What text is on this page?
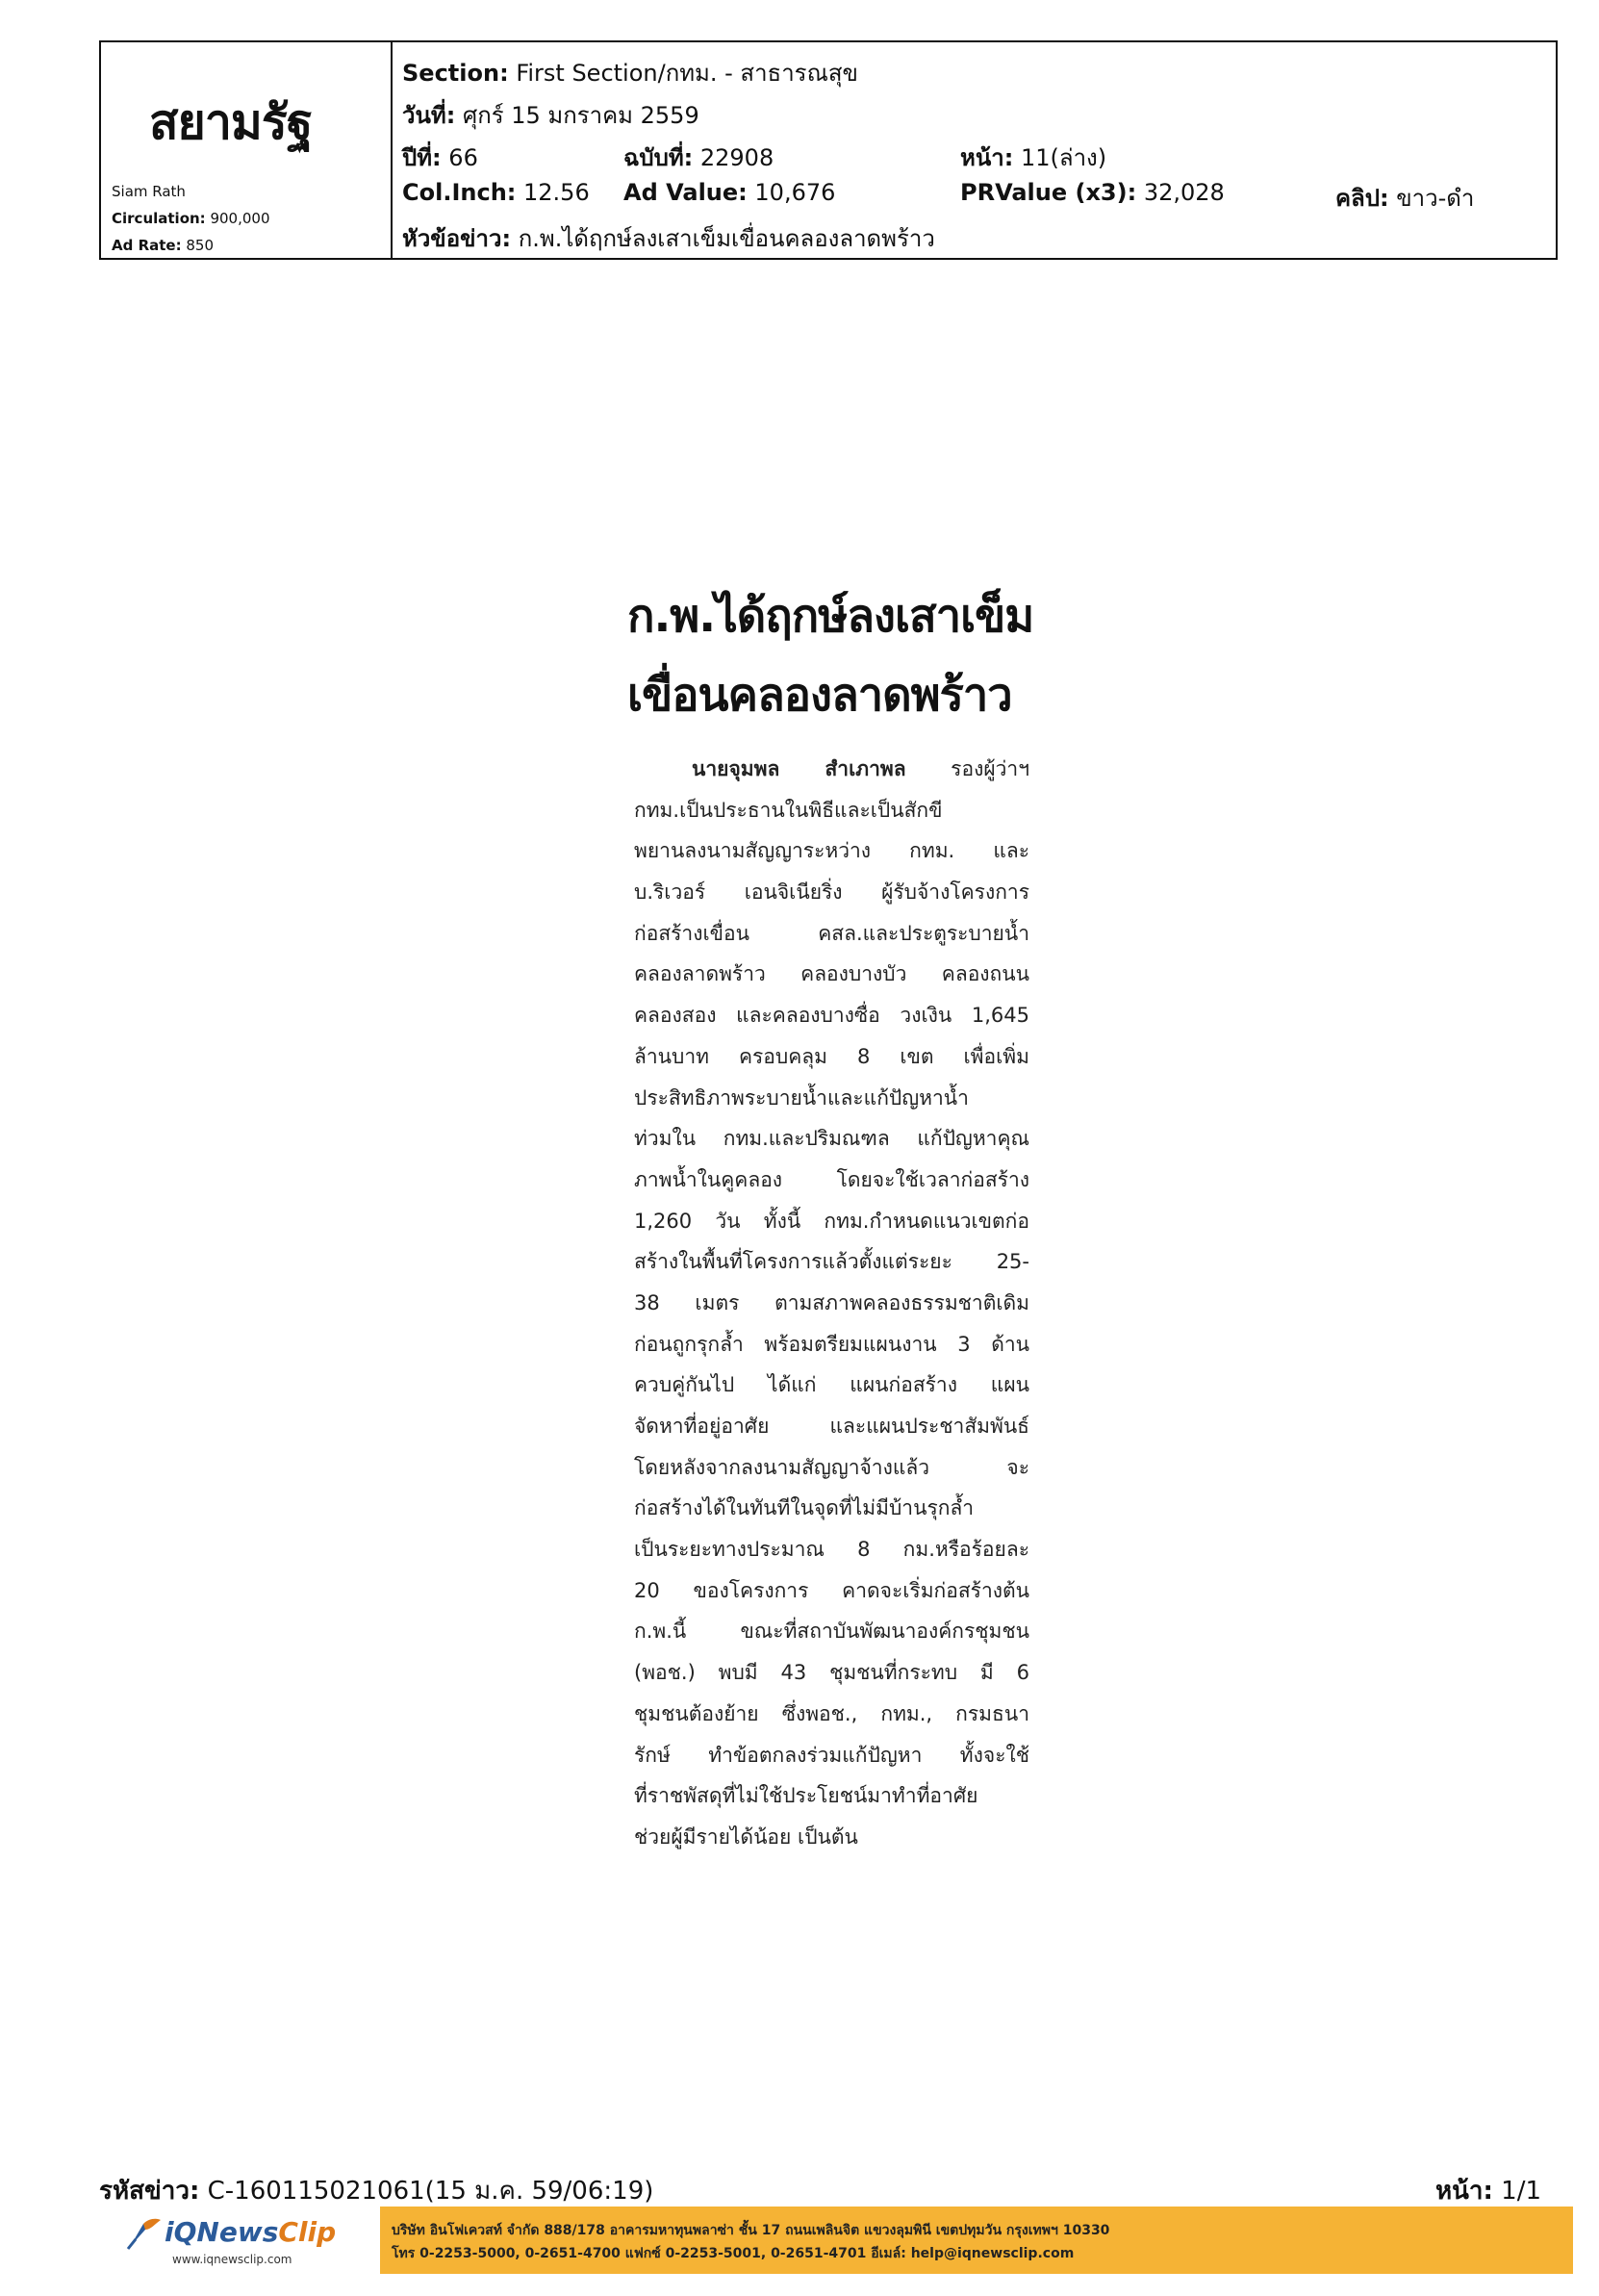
สยามรัฐ
Siam Rath
Circulation: 900,000
Ad Rate: 850
Section: First Section/กทม. - สาธารณสุข
วันที่: ศุกร์ 15 มกราคม 2559
ปีที่: 66	ฉบับที่: 22908	หน้า: 11(ล่าง)
Col.Inch: 12.56 Ad Value: 10,676	PRValue (x3): 32,028	คลิป: ขาว-ดำ
หัวข้อข่าว: ก.พ.ได้ฤกษ์ลงเสาเข็มเขื่อนคลองลาดพร้าว
ก.พ.ได้ฤกษ์ลงเสาเข็ม
เขื่อนคลองลาดพร้าว
นายจุมพล สำเภาพล รองผู้ว่าฯ
กทม.เป็นประธานในพิธีและเป็นสักขี
พยานลงนามสัญญาระหว่าง กทม. และ
บ.ริเวอร์ เอนจิเนียริ่ง ผู้รับจ้างโครงการ
ก่อสร้างเขื่อน คสล.และประตูระบายน้ำ
คลองลาดพร้าว คลองบางบัว คลองถนน
คลองสอง และคลองบางซื่อ วงเงิน 1,645
ล้านบาท ครอบคลุม 8 เขต เพื่อเพิ่ม
ประสิทธิภาพระบายน้ำและแก้ปัญหาน้ำ
ท่วมใน กทม.และปริมณฑล แก้ปัญหาคุณ
ภาพน้ำในคูคลอง โดยจะใช้เวลาก่อสร้าง
1,260 วัน ทั้งนี้ กทม.กำหนดแนวเขตก่อ
สร้างในพื้นที่โครงการแล้วตั้งแต่ระยะ 25-
38 เมตร ตามสภาพคลองธรรมชาติเดิม
ก่อนถูกรุกล้ำ พร้อมตรียมแผนงาน 3 ด้าน
ควบคู่กันไป ได้แก่ แผนก่อสร้าง แผน
จัดหาที่อยู่อาศัย และแผนประชาสัมพันธ์
โดยหลังจากลงนามสัญญาจ้างแล้ว จะ
ก่อสร้างได้ในทันทีในจุดที่ไม่มีบ้านรุกล้ำ
เป็นระยะทางประมาณ 8 กม.หรือร้อยละ
20 ของโครงการ คาดจะเริ่มก่อสร้างต้น
ก.พ.นี้ ขณะที่สถาบันพัฒนาองค์กรชุมชน
(พอช.) พบมี 43 ชุมชนที่กระทบ มี 6
ชุมชนต้องย้าย ซึ่งพอช., กทม., กรมธนา
รักษ์ ทำข้อตกลงร่วมแก้ปัญหา ทั้งจะใช้
ที่ราชพัสดุที่ไม่ใช้ประโยชน์มาทำที่อาศัย
ช่วยผู้มีรายได้น้อย เป็นต้น
รหัสข่าว: C-160115021061(15 ม.ค. 59/06:19)	หน้า: 1/1
iQNewsClip
www.iqnewsclip.com
บริษัท อินโฟเควสท์ จำกัด 888/178 อาคารมหาทุนพลาซ่า ชั้น 17 ถนนเพลินจิต แขวงลุมพินี เขตปทุมวัน กรุงเทพฯ 10330
โทร 0-2253-5000, 0-2651-4700 แฟกซ์ 0-2253-5001, 0-2651-4701 อีเมล์: help@iqnewsclip.com
